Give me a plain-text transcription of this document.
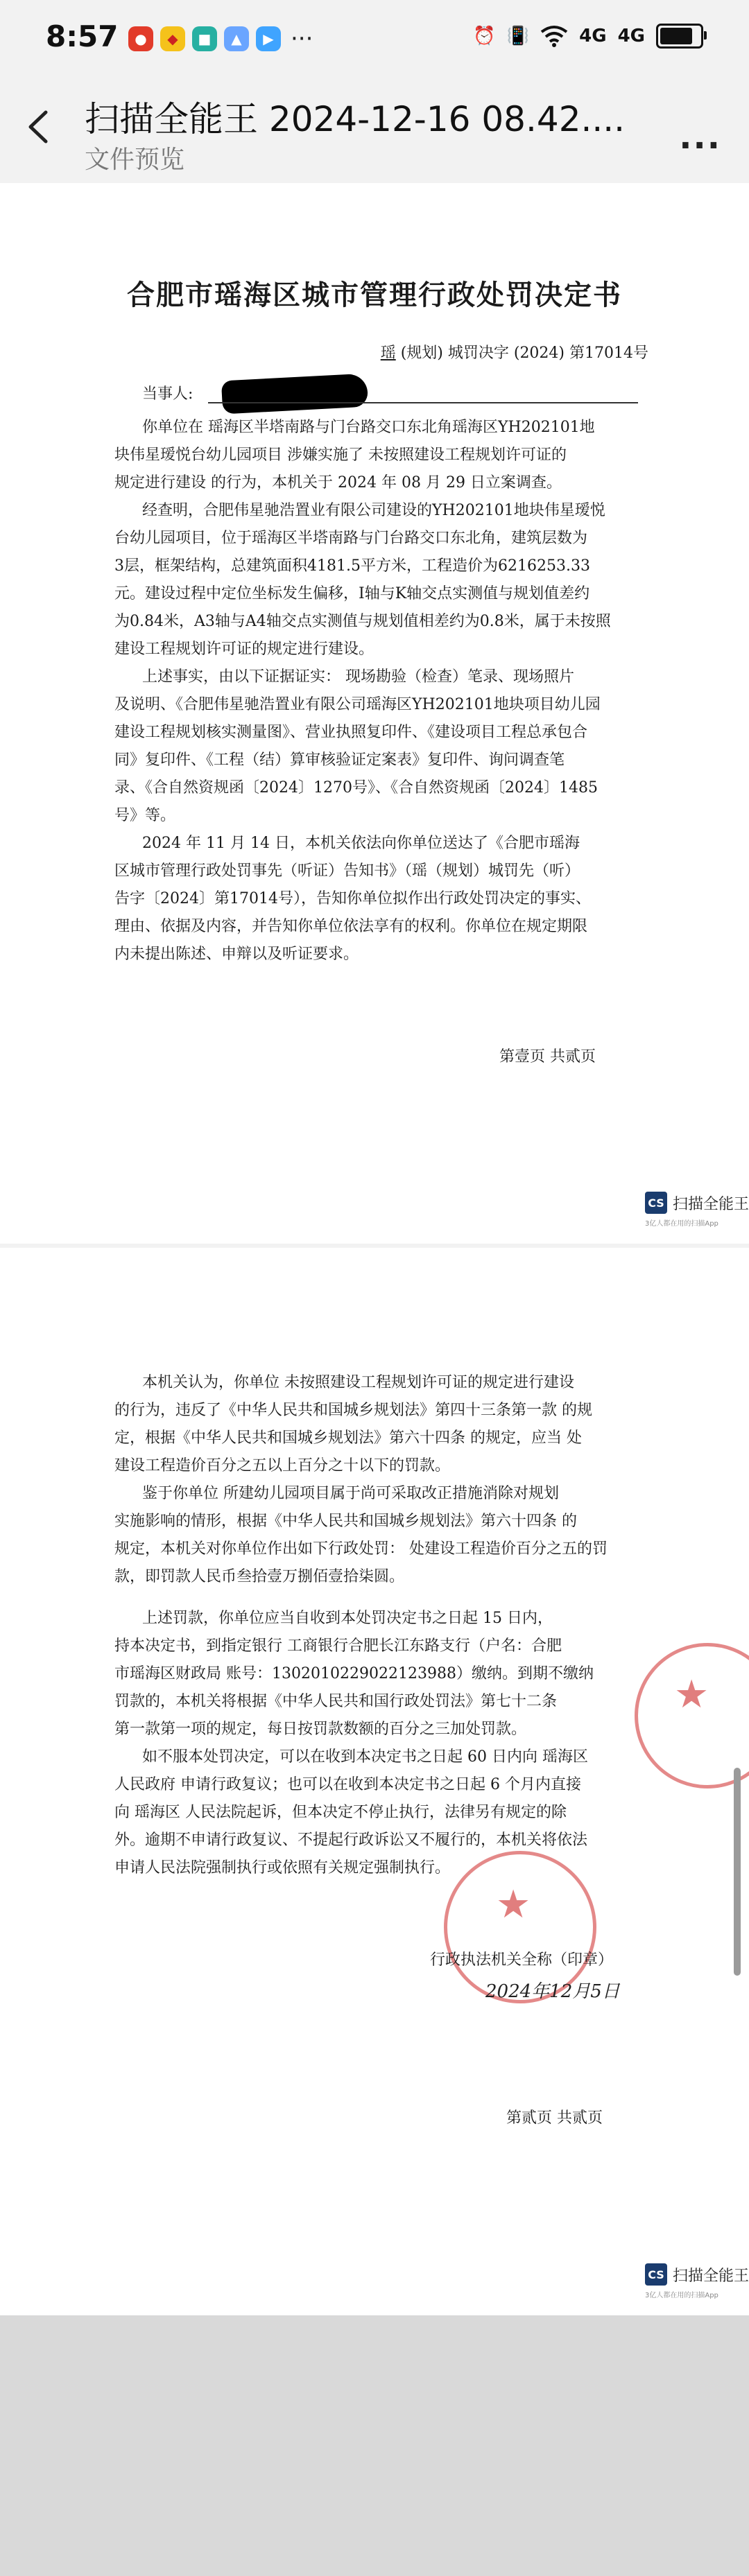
8:57	●	◆	■	▲	▶ ···	⏰ 📳	4G 4G
扫描全能王 2024-12-16 08.42....
文件预览
...
合肥市瑶海区城市管理行政处罚决定书
瑶 (规划) 城罚决字 (2024) 第17014号
当事人:
你单位在 瑶海区半塔南路与门台路交口东北角瑶海区YH202101地
块伟星瑷悦台幼儿园项目 涉嫌实施了 未按照建设工程规划许可证的
规定进行建设 的行为，本机关于 2024 年 08 月 29 日立案调查。
经查明，合肥伟星驰浩置业有限公司建设的YH202101地块伟星瑷悦
台幼儿园项目，位于瑶海区半塔南路与门台路交口东北角，建筑层数为
3层，框架结构，总建筑面积4181.5平方米，工程造价为6216253.33
元。建设过程中定位坐标发生偏移，I轴与K轴交点实测值与规划值差约
为0.84米，A3轴与A4轴交点实测值与规划值相差约为0.8米，属于未按照
建设工程规划许可证的规定进行建设。
上述事实，由以下证据证实： 现场勘验（检查）笔录、现场照片
及说明、《合肥伟星驰浩置业有限公司瑶海区YH202101地块项目幼儿园
建设工程规划核实测量图》、营业执照复印件、《建设项目工程总承包合
同》复印件、《工程（结）算审核验证定案表》复印件、询问调查笔
录、《合自然资规函〔2024〕1270号》、《合自然资规函〔2024〕1485
号》等。
2024 年 11 月 14 日，本机关依法向你单位送达了《合肥市瑶海
区城市管理行政处罚事先（听证）告知书》（瑶（规划）城罚先（听）
告字〔2024〕第17014号），告知你单位拟作出行政处罚决定的事实、
理由、依据及内容，并告知你单位依法享有的权利。你单位在规定期限
内未提出陈述、申辩以及听证要求。
第壹页 共贰页
CS 扫描全能王
3亿人都在用的扫描App
本机关认为，你单位 未按照建设工程规划许可证的规定进行建设
的行为，违反了《中华人民共和国城乡规划法》第四十三条第一款 的规
定，根据《中华人民共和国城乡规划法》第六十四条 的规定，应当 处
建设工程造价百分之五以上百分之十以下的罚款。
鉴于你单位 所建幼儿园项目属于尚可采取改正措施消除对规划
实施影响的情形，根据《中华人民共和国城乡规划法》第六十四条 的
规定，本机关对你单位作出如下行政处罚： 处建设工程造价百分之五的罚
款，即罚款人民币叁拾壹万捌佰壹拾柒圆。
上述罚款，你单位应当自收到本处罚决定书之日起 15 日内，
持本决定书，到指定银行 工商银行合肥长江东路支行（户名：合肥
市瑶海区财政局 账号：1302010229022123988）缴纳。到期不缴纳
罚款的，本机关将根据《中华人民共和国行政处罚法》第七十二条
第一款第一项的规定，每日按罚款数额的百分之三加处罚款。
如不服本处罚决定，可以在收到本决定书之日起 60 日内向 瑶海区
人民政府 申请行政复议；也可以在收到本决定书之日起 6 个月内直接
向 瑶海区 人民法院起诉，但本决定不停止执行，法律另有规定的除
外。逾期不申请行政复议、不提起行政诉讼又不履行的，本机关将依法
申请人民法院强制执行或依照有关规定强制执行。
★
★
行政执法机关全称（印章）
2024年12月5日
第贰页 共贰页
CS 扫描全能王
3亿人都在用的扫描App
